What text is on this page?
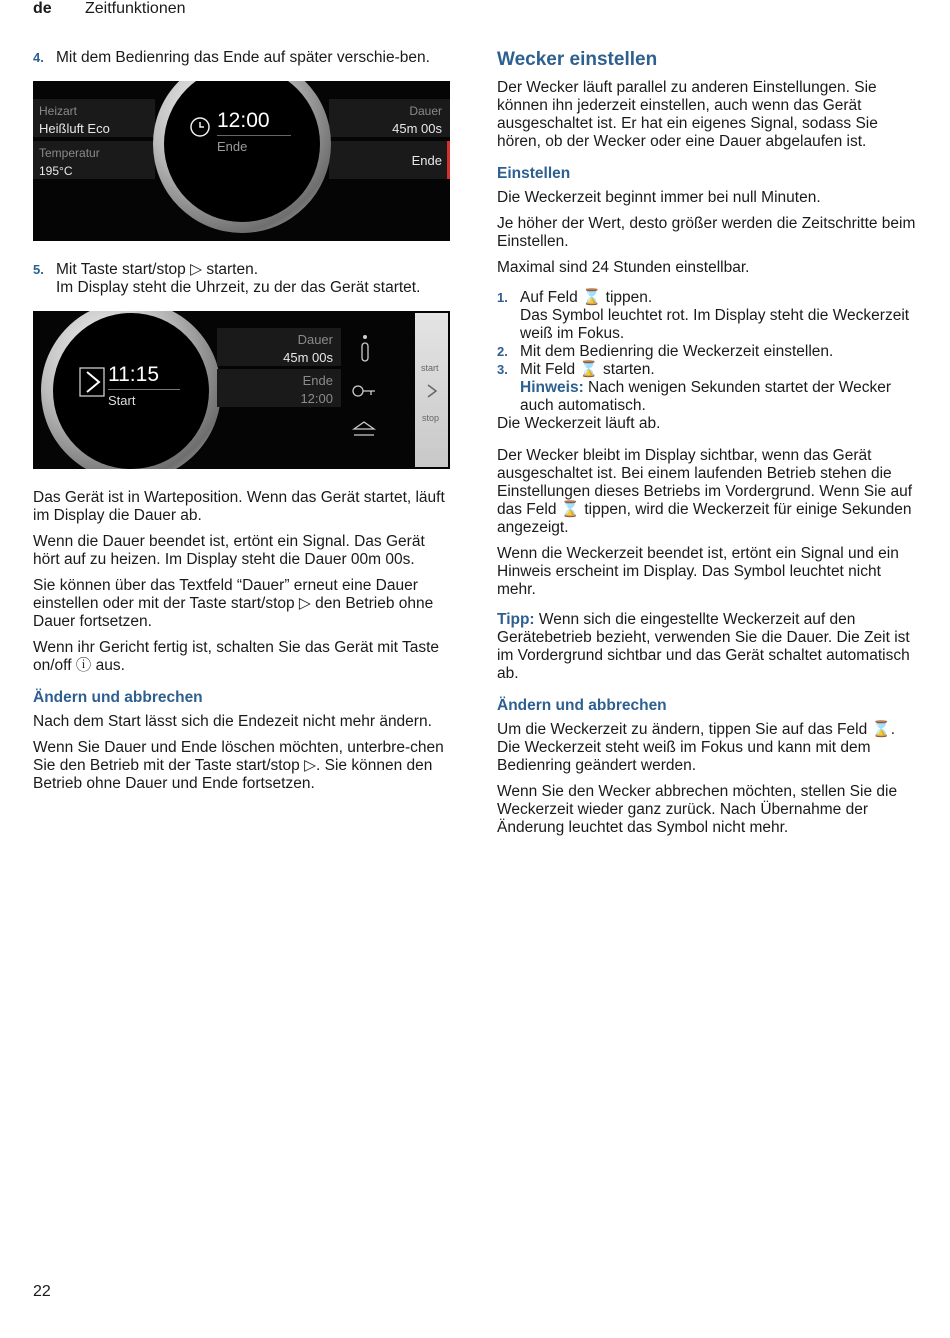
de Zeitfunktionen
4. Mit dem Bedienring das Ende auf später verschie-ben.
Heizart
Heißluft Eco
Temperatur
195°C
Dauer
45m 00s
Ende
12:00
Ende
5. Mit Taste start/stop ▷ starten.
Im Display steht die Uhrzeit, zu der das Gerät startet.
11:15
Start
Dauer
45m 00s
Ende
12:00
start
stop

Das Gerät ist in Warteposition. Wenn das Gerät startet, läuft im Display die Dauer ab.

Wenn die Dauer beendet ist, ertönt ein Signal. Das Gerät hört auf zu heizen. Im Display steht die Dauer 00m 00s.

Sie können über das Textfeld “Dauer” erneut eine Dauer einstellen oder mit der Taste start/stop ▷ den Betrieb ohne Dauer fortsetzen.

Wenn ihr Gericht fertig ist, schalten Sie das Gerät mit Taste on/off ⓘ aus.

Ändern und abbrechen

Nach dem Start lässt sich die Endezeit nicht mehr ändern.

Wenn Sie Dauer und Ende löschen möchten, unterbre-chen Sie den Betrieb mit der Taste start/stop ▷. Sie können den Betrieb ohne Dauer und Ende fortsetzen.

Wecker einstellen

Der Wecker läuft parallel zu anderen Einstellungen. Sie können ihn jederzeit einstellen, auch wenn das Gerät ausgeschaltet ist. Er hat ein eigenes Signal, sodass Sie hören, ob der Wecker oder eine Dauer abgelaufen ist.

Einstellen

Die Weckerzeit beginnt immer bei null Minuten.

Je höher der Wert, desto größer werden die Zeitschritte beim Einstellen.

Maximal sind 24 Stunden einstellbar.

1. Auf Feld ⌛ tippen.
Das Symbol leuchtet rot. Im Display steht die Weckerzeit weiß im Fokus.
2. Mit dem Bedienring die Weckerzeit einstellen.
3. Mit Feld ⌛ starten.
Hinweis: Nach wenigen Sekunden startet der Wecker auch automatisch.

Die Weckerzeit läuft ab.

Der Wecker bleibt im Display sichtbar, wenn das Gerät ausgeschaltet ist. Bei einem laufenden Betrieb stehen die Einstellungen dieses Betriebs im Vordergrund. Wenn Sie auf das Feld ⌛ tippen, wird die Weckerzeit für einige Sekunden angezeigt.

Wenn die Weckerzeit beendet ist, ertönt ein Signal und ein Hinweis erscheint im Display. Das Symbol leuchtet nicht mehr.

Tipp: Wenn sich die eingestellte Weckerzeit auf den Gerätebetrieb bezieht, verwenden Sie die Dauer. Die Zeit ist im Vordergrund sichtbar und das Gerät schaltet automatisch ab.

Ändern und abbrechen

Um die Weckerzeit zu ändern, tippen Sie auf das Feld ⌛. Die Weckerzeit steht weiß im Fokus und kann mit dem Bedienring geändert werden.

Wenn Sie den Wecker abbrechen möchten, stellen Sie die Weckerzeit wieder ganz zurück. Nach Übernahme der Änderung leuchtet das Symbol nicht mehr.

22
